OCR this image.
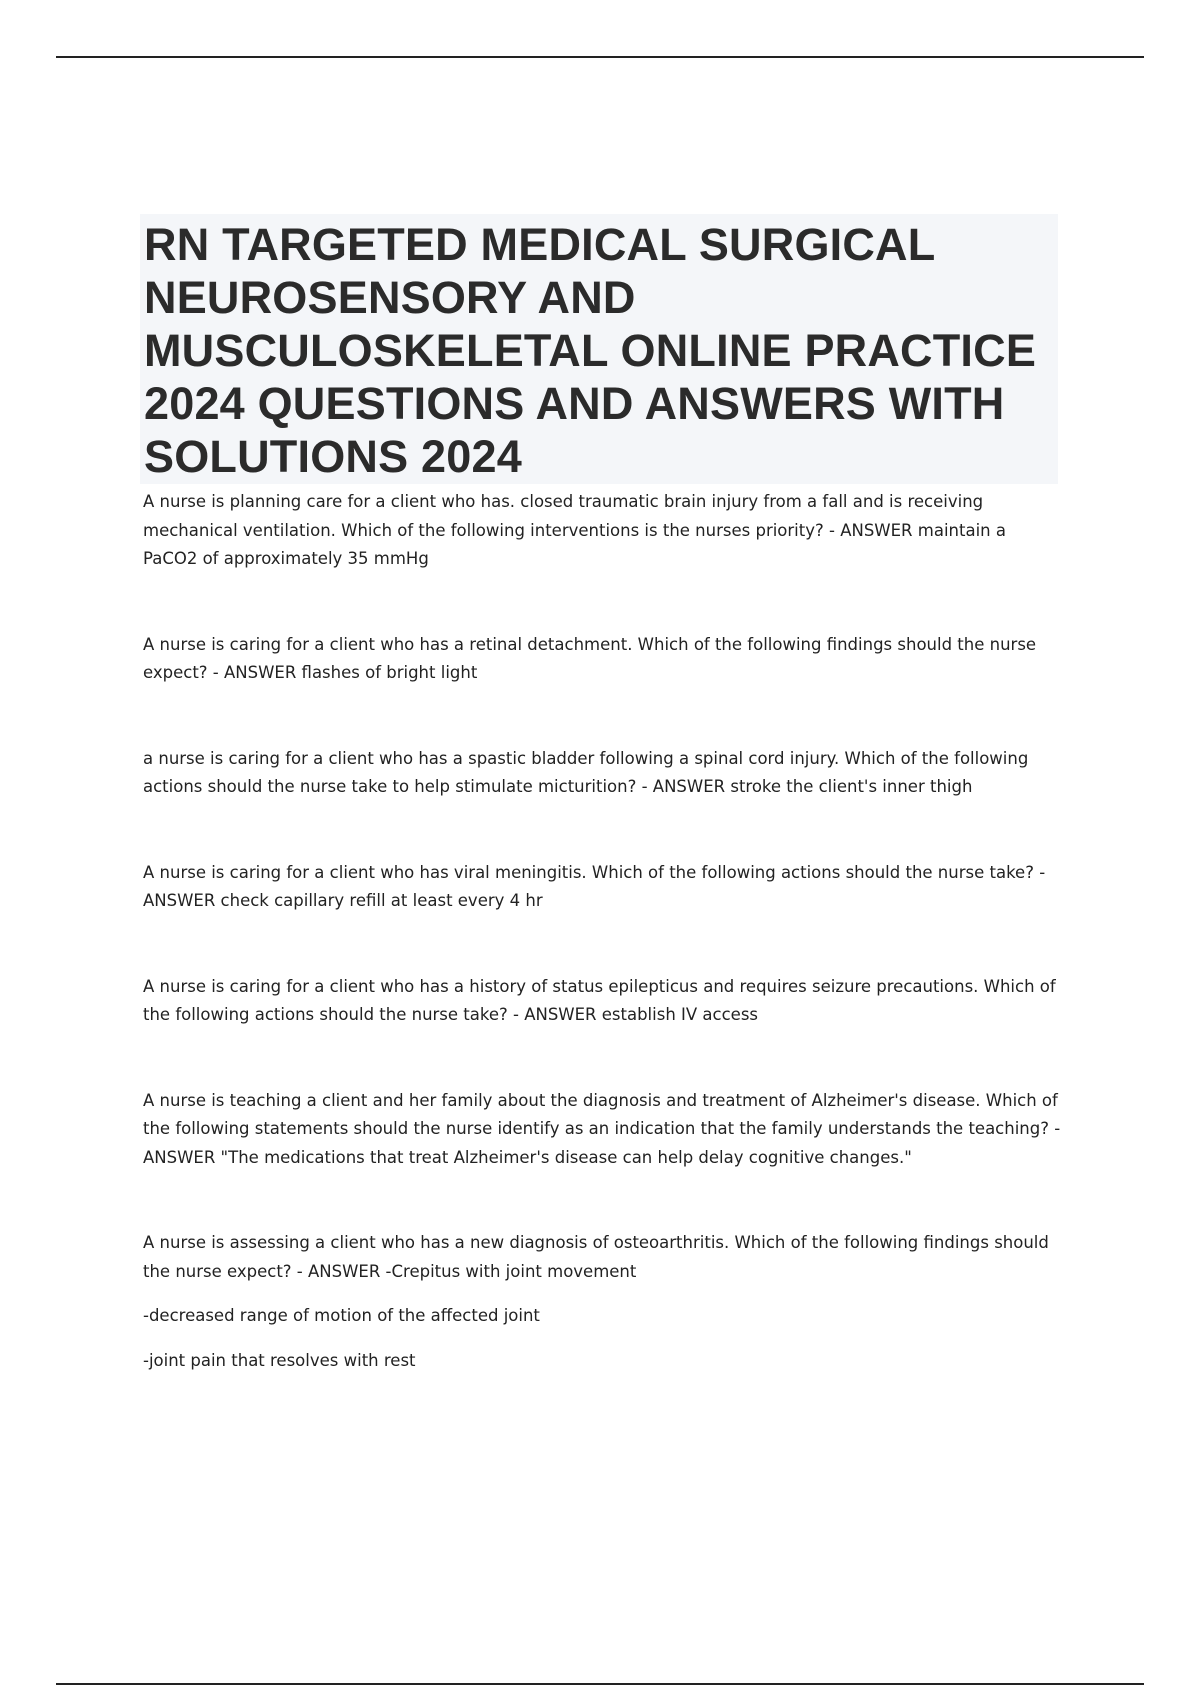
RN TARGETED MEDICAL SURGICAL NEUROSENSORY AND MUSCULOSKELETAL ONLINE PRACTICE 2024 QUESTIONS AND ANSWERS WITH SOLUTIONS 2024

A nurse is planning care for a client who has. closed traumatic brain injury from a fall and is receiving mechanical ventilation. Which of the following interventions is the nurses priority? - ANSWER maintain a PaCO2 of approximately 35 mmHg

A nurse is caring for a client who has a retinal detachment. Which of the following findings should the nurse expect? - ANSWER flashes of bright light

a nurse is caring for a client who has a spastic bladder following a spinal cord injury. Which of the following actions should the nurse take to help stimulate micturition? - ANSWER stroke the client's inner thigh

A nurse is caring for a client who has viral meningitis. Which of the following actions should the nurse take? - ANSWER check capillary refill at least every 4 hr

A nurse is caring for a client who has a history of status epilepticus and requires seizure precautions. Which of the following actions should the nurse take? - ANSWER establish IV access

A nurse is teaching a client and her family about the diagnosis and treatment of Alzheimer's disease. Which of the following statements should the nurse identify as an indication that the family understands the teaching? - ANSWER "The medications that treat Alzheimer's disease can help delay cognitive changes."

A nurse is assessing a client who has a new diagnosis of osteoarthritis. Which of the following findings should the nurse expect? - ANSWER -Crepitus with joint movement

-decreased range of motion of the affected joint

-joint pain that resolves with rest
